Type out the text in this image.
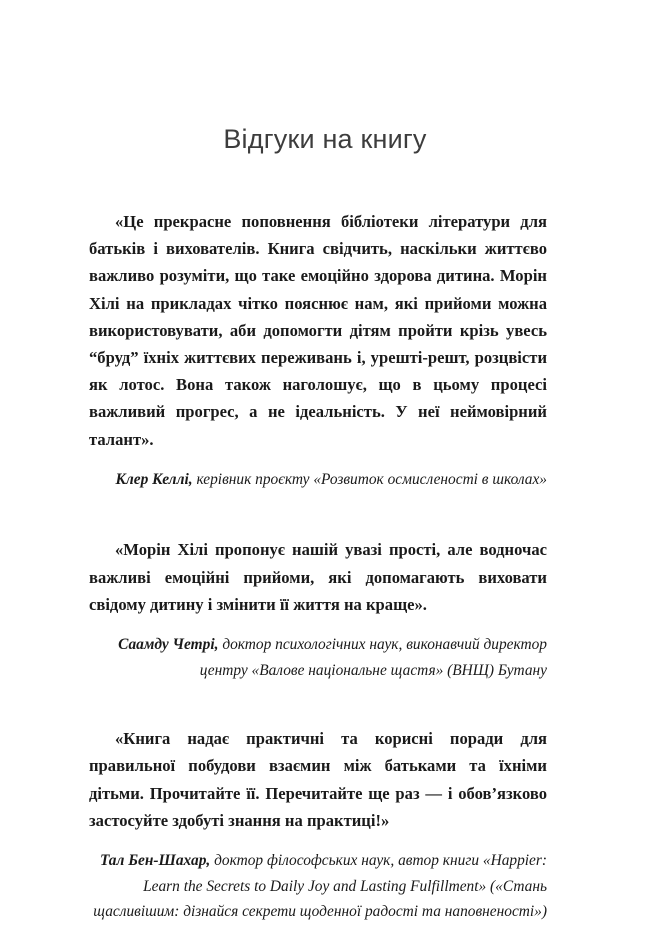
Відгуки на книгу

«Це прекрасне поповнення бібліотеки літератури для батьків і вихователів. Книга свідчить, наскільки життєво важливо розуміти, що таке емоційно здорова дитина. Морін Хілі на прикладах чітко пояснює нам, які прийоми можна використовувати, аби допомогти дітям пройти крізь увесь “бруд” їхніх життєвих переживань і, урешті-решт, розцвісти як лотос. Вона також наголошує, що в цьому процесі важливий прогрес, а не ідеальність. У неї неймовірний талант».

Клер Келлі, керівник проєкту «Розвиток осмисленості в школах»

«Морін Хілі пропонує нашій увазі прості, але водночас важливі емоційні прийоми, які допомагають виховати свідому дитину і змінити її життя на краще».

Саамду Четрі, доктор психологічних наук, виконавчий директор центру «Валове національне щастя» (ВНЩ) Бутану

«Книга надає практичні та корисні поради для правильної побудови взаємин між батьками та їхніми дітьми. Прочитайте її. Перечитайте ще раз — і обов’язково застосуйте здобуті знання на практиці!»

Тал Бен-Шахар, доктор філософських наук, автор книги «Happier: Learn the Secrets to Daily Joy and Lasting Fulfillment» («Стань щасливішим: дізнайся секрети щоденної радості та наповненості»)
